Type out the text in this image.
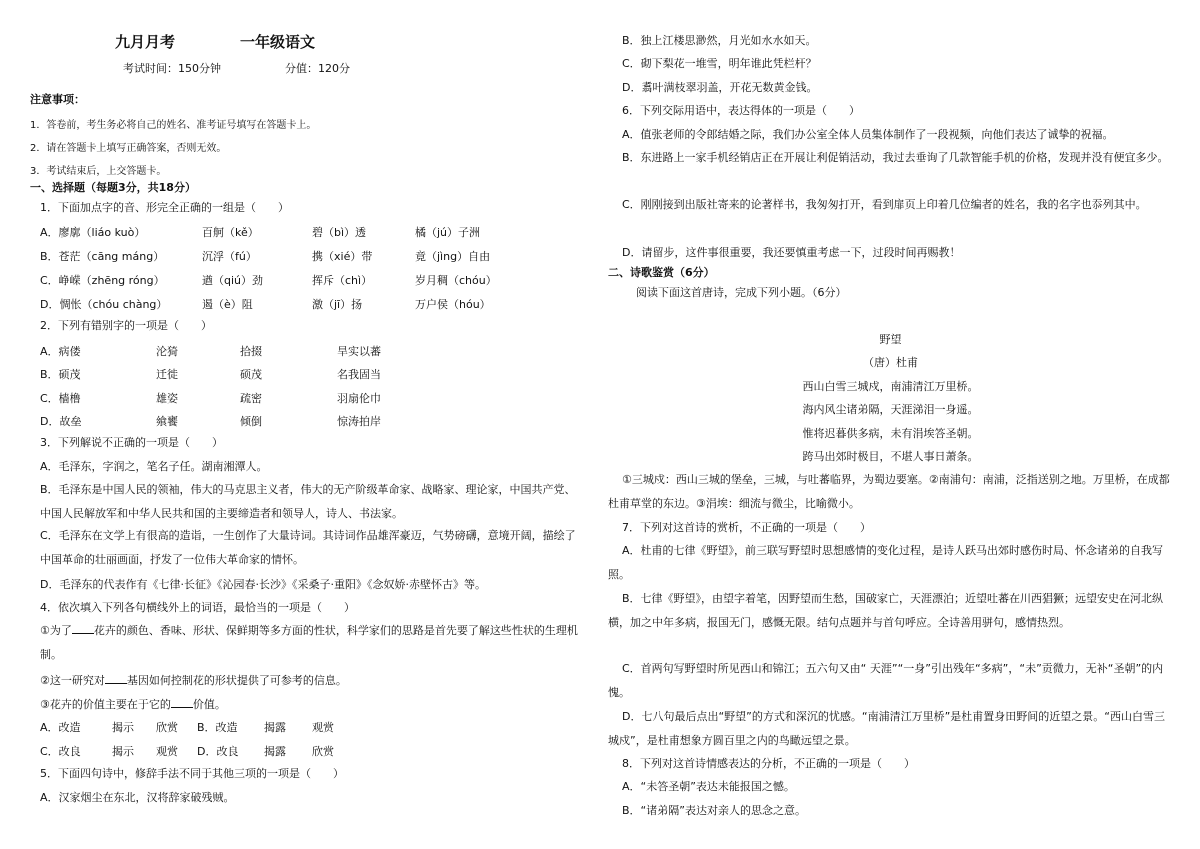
九月月考	一年级语文
考试时间：150分钟	分值：120分
注意事项：
1．答卷前，考生务必将自己的姓名、准考证号填写在答题卡上。
2．请在答题卡上填写正确答案，否则无效。
3．考试结束后，上交答题卡。
一、选择题（每题3分，共18分）
1．下面加点字的音、形完全正确的一组是（　　）
A．廖廓（liáo kuò）	百舸（kě）	碧（bì）透	橘（jú）子洲
B．苍茫（cāng máng）	沉浮（fú）	携（xié）带	竟（jìng）自由
C．峥嵘（zhēng róng）	遒（qiú）劲	挥斥（chì）	岁月稠（chóu）
D．惆怅（chóu chàng）	遏（è）阻	激（jī）扬	万户侯（hóu）
2．下列有错别字的一项是（　　）
A．病偻	沦猗	拾掇	旱实以蕃
B．硕茂	迁徙	硕茂	名我固当
C．樯橹	雄姿	疏密	羽扇伦巾
D．故垒	飨饔	倾倒	惊涛拍岸
3．下列解说不正确的一项是（　　）
A．毛泽东，字润之，笔名子任。湖南湘潭人。
B．毛泽东是中国人民的领袖，伟大的马克思主义者，伟大的无产阶级革命家、战略家、理论家，中国共产党、中国人民解放军和中华人民共和国的主要缔造者和领导人，诗人、书法家。
C．毛泽东在文学上有很高的造诣，一生创作了大量诗词。其诗词作品雄浑豪迈，气势磅礴，意境开阔，描绘了中国革命的壮丽画面，抒发了一位伟大革命家的情怀。
D．毛泽东的代表作有《七律·长征》《沁园春·长沙》《采桑子·重阳》《念奴娇·赤壁怀古》等。
4．依次填入下列各句横线外上的词语，最恰当的一项是（　　）
①为了 花卉的颜色、香味、形状、保鲜期等多方面的性状，科学家们的思路是首先要了解这些性状的生理机制。
②这一研究对 基因如何控制花的形状提供了可参考的信息。
③花卉的价值主要在于它的 价值。
A．改造	揭示 欣赏 B．改造 揭露 观赏
C．改良	揭示 观赏 D．改良 揭露 欣赏
5．下面四句诗中，修辞手法不同于其他三项的一项是（　　）
A．汉家烟尘在东北，汉将辞家破残贼。
B．独上江楼思渺然，月光如水水如天。
C．砌下梨花一堆雪，明年谁此凭栏杆？
D．翥叶满枝翠羽盖，开花无数黄金钱。
6．下列交际用语中，表达得体的一项是（　　）
A．值张老师的令郎结婚之际，我们办公室全体人员集体制作了一段视频，向他们表达了诚挚的祝福。
B．东进路上一家手机经销店正在开展让利促销活动，我过去垂询了几款智能手机的价格，发现并没有便宜多少。
C．刚刚接到出版社寄来的论著样书，我匆匆打开，看到扉页上印着几位编者的姓名，我的名字也忝列其中。
D．请留步，这件事很重要，我还要慎重考虑一下，过段时间再赐教！
二、诗歌鉴赏（6分）
阅读下面这首唐诗，完成下列小题。（6分）
野望
（唐）杜甫
西山白雪三城戍，南浦清江万里桥。
海内风尘诸弟隔，天涯涕泪一身遥。
惟将迟暮供多病，未有涓埃答圣朝。
跨马出郊时极目，不堪人事日萧条。
①三城戍：西山三城的堡垒，三城，与吐蕃临界，为蜀边要塞。②南浦句：南浦，泛指送别之地。万里桥，在成都杜甫草堂的东边。③涓埃：细流与微尘，比喻微小。
7．下列对这首诗的赏析，不正确的一项是（　　）
A．杜甫的七律《野望》，前三联写野望时思想感情的变化过程，是诗人跃马出郊时感伤时局、怀念诸弟的自我写照。
B．七律《野望》，由望字着笔，因野望而生愁，国破家亡，天涯漂泊；近望吐蕃在川西猖獗；远望安史在河北纵横，加之中年多病，报国无门，感慨无限。结句点题并与首句呼应。全诗善用骈句，感情热烈。
C．首两句写野望时所见西山和锦江；五六句又由“ 天涯”“一身”引出残年“多病”，“未”贡微力，无补“圣朝”的内愧。
D．七八句最后点出“野望”的方式和深沉的忧感。“南浦清江万里桥”是杜甫置身田野间的近望之景。“西山白雪三城戍”，是杜甫想象方圆百里之内的鸟瞰远望之景。
8．下列对这首诗情感表达的分析，不正确的一项是（　　）
A．“未答圣朝”表达未能报国之憾。
B．“诸弟隔”表达对亲人的思念之意。
